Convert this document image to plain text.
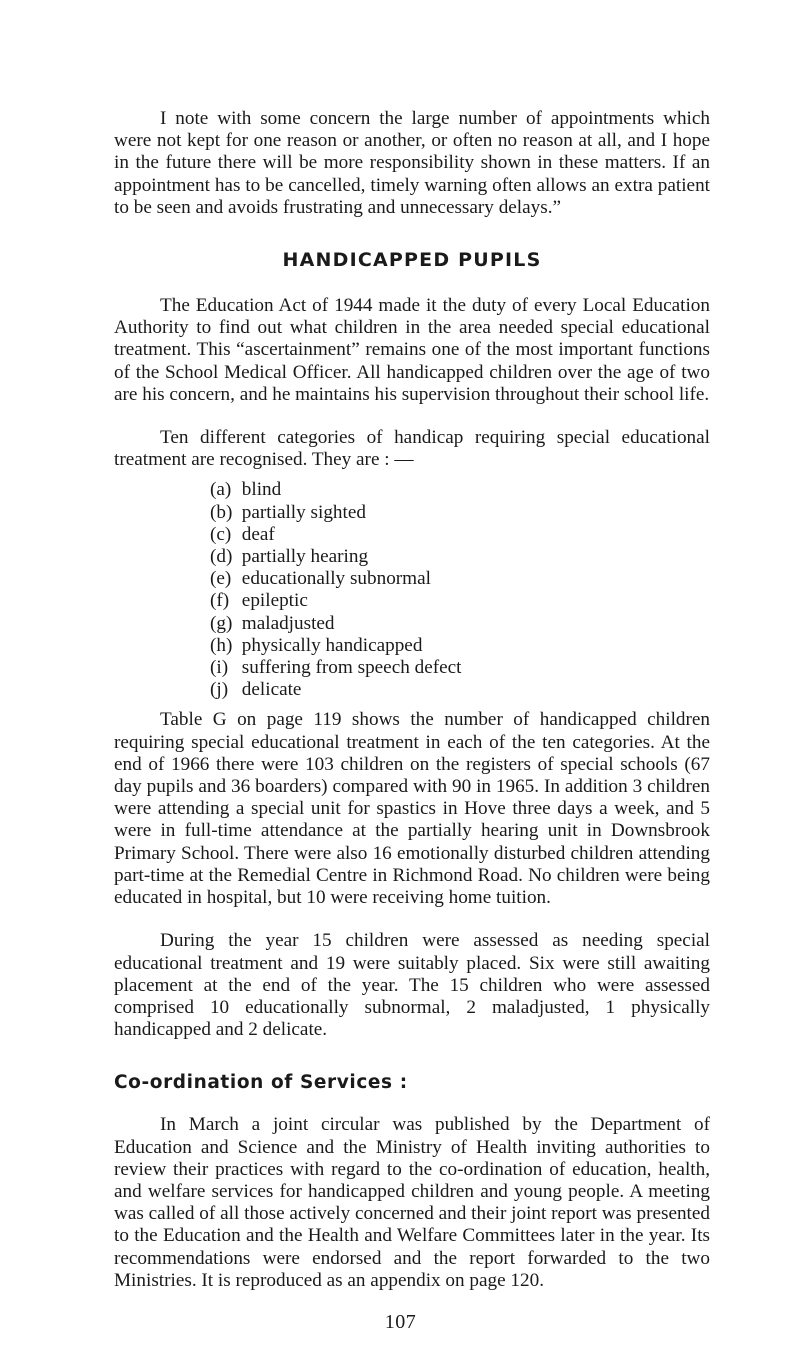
I note with some concern the large number of appointments which were not kept for one reason or another, or often no reason at all, and I hope in the future there will be more responsibility shown in these matters. If an appointment has to be cancelled, timely warning often allows an extra patient to be seen and avoids frustrating and unnecessary delays.”

HANDICAPPED PUPILS

The Education Act of 1944 made it the duty of every Local Education Authority to find out what children in the area needed special educational treatment. This “ascertainment” remains one of the most important functions of the School Medical Officer. All handicapped children over the age of two are his concern, and he maintains his supervision throughout their school life.

Ten different categories of handicap requiring special educational treatment are recognised. They are : —

(a) blind
(b) partially sighted
(c) deaf
(d) partially hearing
(e) educationally subnormal
(f) epileptic
(g) maladjusted
(h) physically handicapped
(i) suffering from speech defect
(j) delicate

Table G on page 119 shows the number of handicapped children requiring special educational treatment in each of the ten categories. At the end of 1966 there were 103 children on the registers of special schools (67 day pupils and 36 boarders) compared with 90 in 1965. In addition 3 children were attending a special unit for spastics in Hove three days a week, and 5 were in full-time attendance at the partially hearing unit in Downsbrook Primary School. There were also 16 emotionally disturbed children attending part-time at the Remedial Centre in Richmond Road. No children were being educated in hospital, but 10 were receiving home tuition.

During the year 15 children were assessed as needing special educational treatment and 19 were suitably placed. Six were still awaiting placement at the end of the year. The 15 children who were assessed comprised 10 educationally subnormal, 2 maladjusted, 1 physically handicapped and 2 delicate.

Co-ordination of Services :

In March a joint circular was published by the Department of Education and Science and the Ministry of Health inviting authorities to review their practices with regard to the co-ordination of education, health, and welfare services for handicapped children and young people. A meeting was called of all those actively concerned and their joint report was presented to the Education and the Health and Welfare Committees later in the year. Its recommendations were endorsed and the report forwarded to the two Ministries. It is reproduced as an appendix on page 120.

107
